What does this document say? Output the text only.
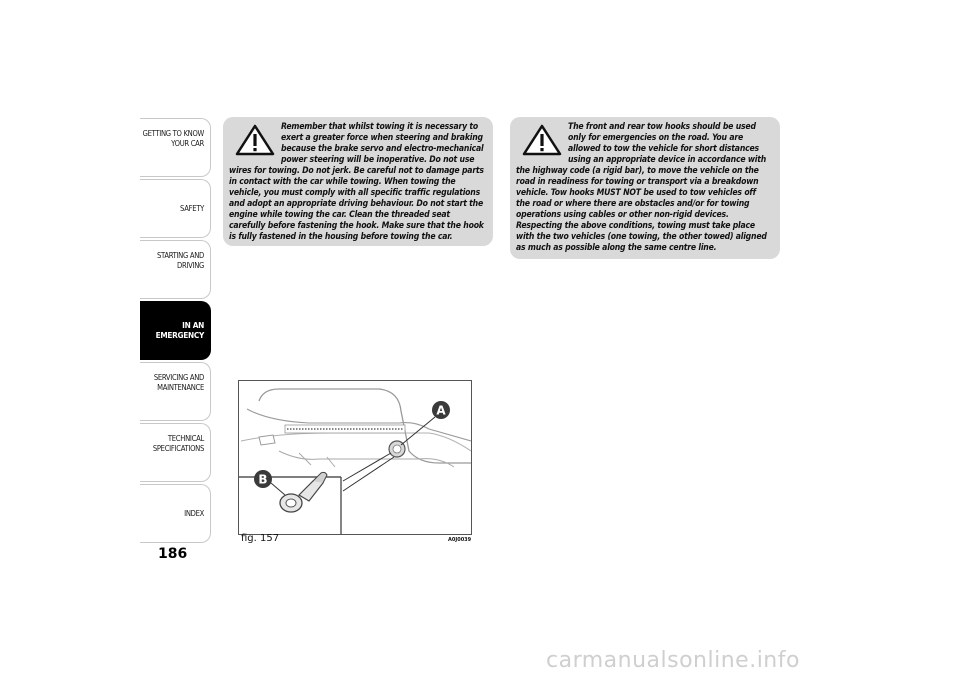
GETTING TO KNOW
YOUR CAR
SAFETY
STARTING AND
DRIVING
IN AN
EMERGENCY
SERVICING AND
MAINTENANCE
TECHNICAL
SPECIFICATIONS
INDEX
186

Remember that whilst towing it is necessary to exert a greater force when steering and braking because the brake servo and electro-mechanical power steering will be inoperative. Do not use wires for towing. Do not jerk. Be careful not to damage parts in contact with the car while towing. When towing the vehicle, you must comply with all specific traffic regulations and adopt an appropriate driving behaviour. Do not start the engine while towing the car. Clean the threaded seat carefully before fastening the hook. Make sure that the hook is fully fastened in the housing before towing the car.

The front and rear tow hooks should be used only for emergencies on the road. You are allowed to tow the vehicle for short distances using an appropriate device in accordance with the highway code (a rigid bar), to move the vehicle on the road in readiness for towing or transport via a breakdown vehicle. Tow hooks MUST NOT be used to tow vehicles off the road or where there are obstacles and/or for towing operations using cables or other non-rigid devices. Respecting the above conditions, towing must take place with the two vehicles (one towing, the other towed) aligned as much as possible along the same centre line.

A
B
fig. 157	A0J0039
carmanualsonline.info
